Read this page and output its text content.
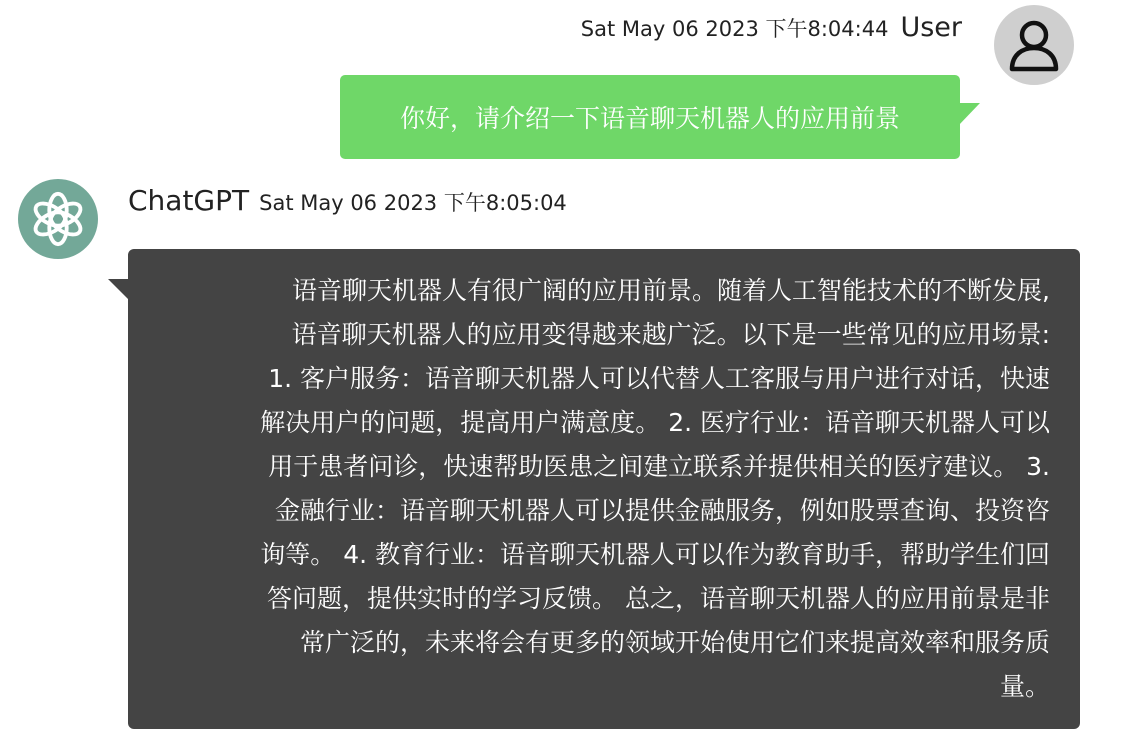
Sat May 06 2023 下午8:04:44 User
你好，请介绍一下语音聊天机器人的应用前景
ChatGPT Sat May 06 2023 下午8:05:04
语音聊天机器人有很广阔的应用前景。随着人工智能技术的不断发展,
语音聊天机器人的应用变得越来越广泛。以下是一些常见的应用场景:
1. 客户服务：语音聊天机器人可以代替人工客服与用户进行对话，快速
解决用户的问题，提高用户满意度。 2. 医疗行业：语音聊天机器人可以
用于患者问诊，快速帮助医患之间建立联系并提供相关的医疗建议。 3.
金融行业：语音聊天机器人可以提供金融服务，例如股票查询、投资咨
询等。 4. 教育行业：语音聊天机器人可以作为教育助手，帮助学生们回
答问题，提供实时的学习反馈。 总之，语音聊天机器人的应用前景是非
常广泛的，未来将会有更多的领域开始使用它们来提高效率和服务质
量。
